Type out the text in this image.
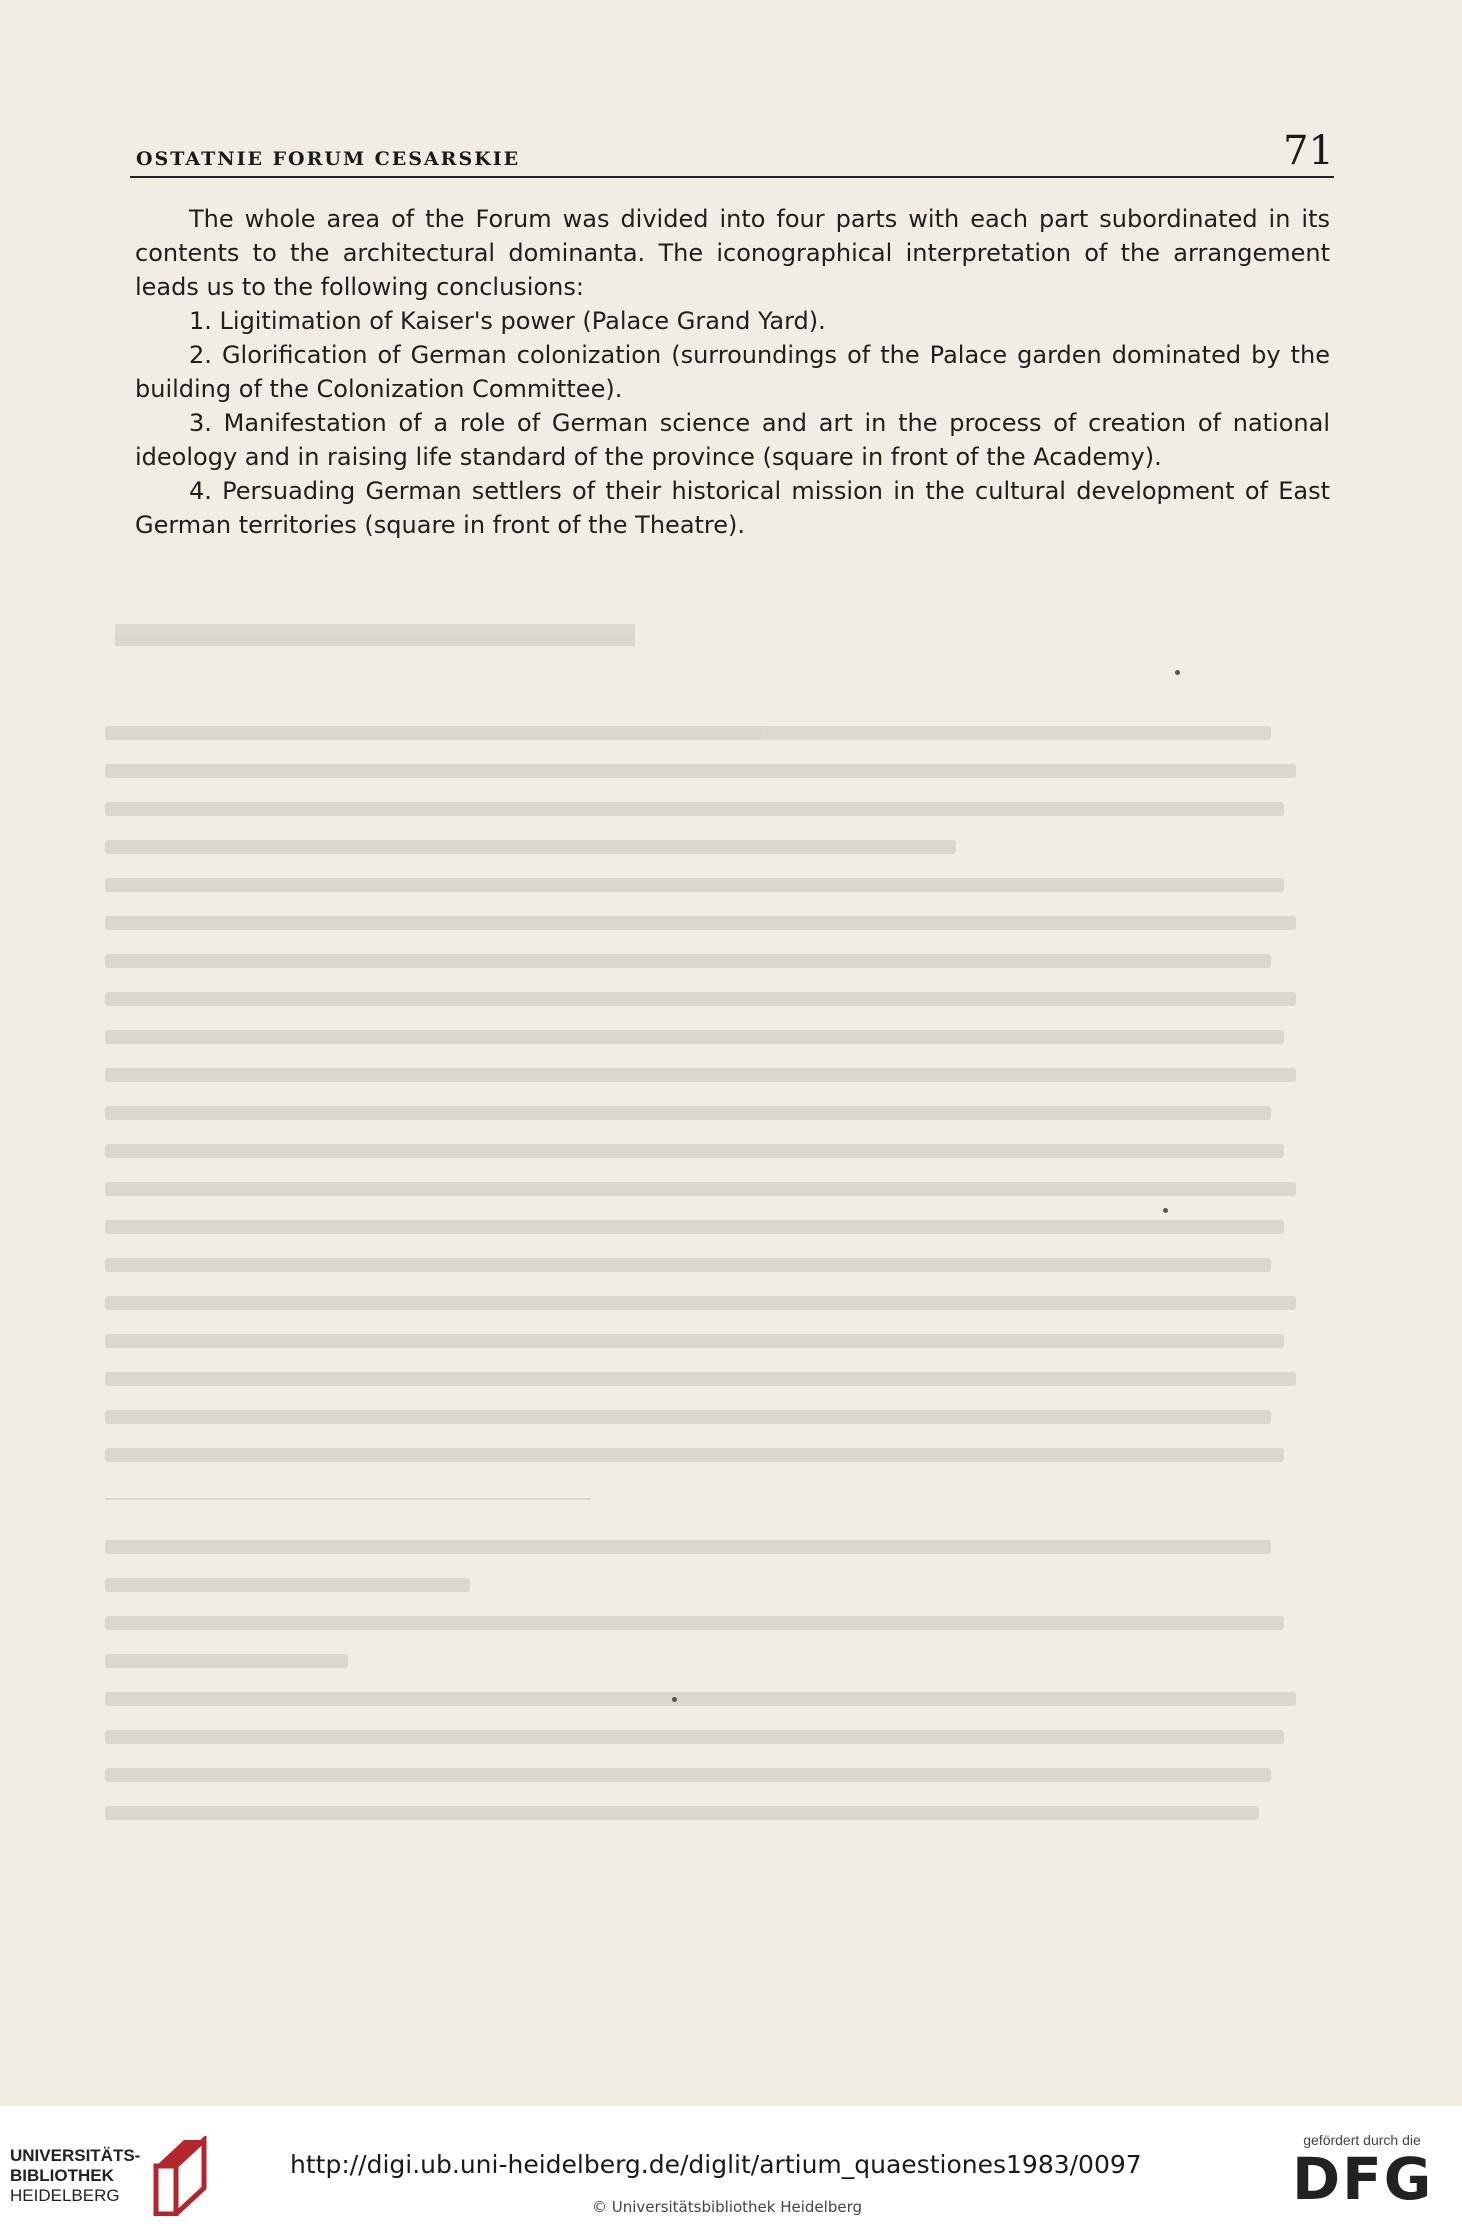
OSTATNIE FORUM CESARSKIE	71

The whole area of the Forum was divided into four parts with each part subordinated in its contents to the architectural dominanta. The iconographical interpretation of the arrangement leads us to the following conclusions:

1. Ligitimation of Kaiser's power (Palace Grand Yard).

2. Glorification of German colonization (surroundings of the Palace garden dominated by the building of the Colonization Committee).

3. Manifestation of a role of German science and art in the process of creation of national ideology and in raising life standard of the province (square in front of the Academy).

4. Persuading German settlers of their historical mission in the cultural development of East German territories (square in front of the Theatre).

UNIVERSITÄTS-
BIBLIOTHEK
HEIDELBERG
http://digi.ub.uni-heidelberg.de/diglit/artium_quaestiones1983/0097
© Universitätsbibliothek Heidelberg
gefördert durch die
DFG
